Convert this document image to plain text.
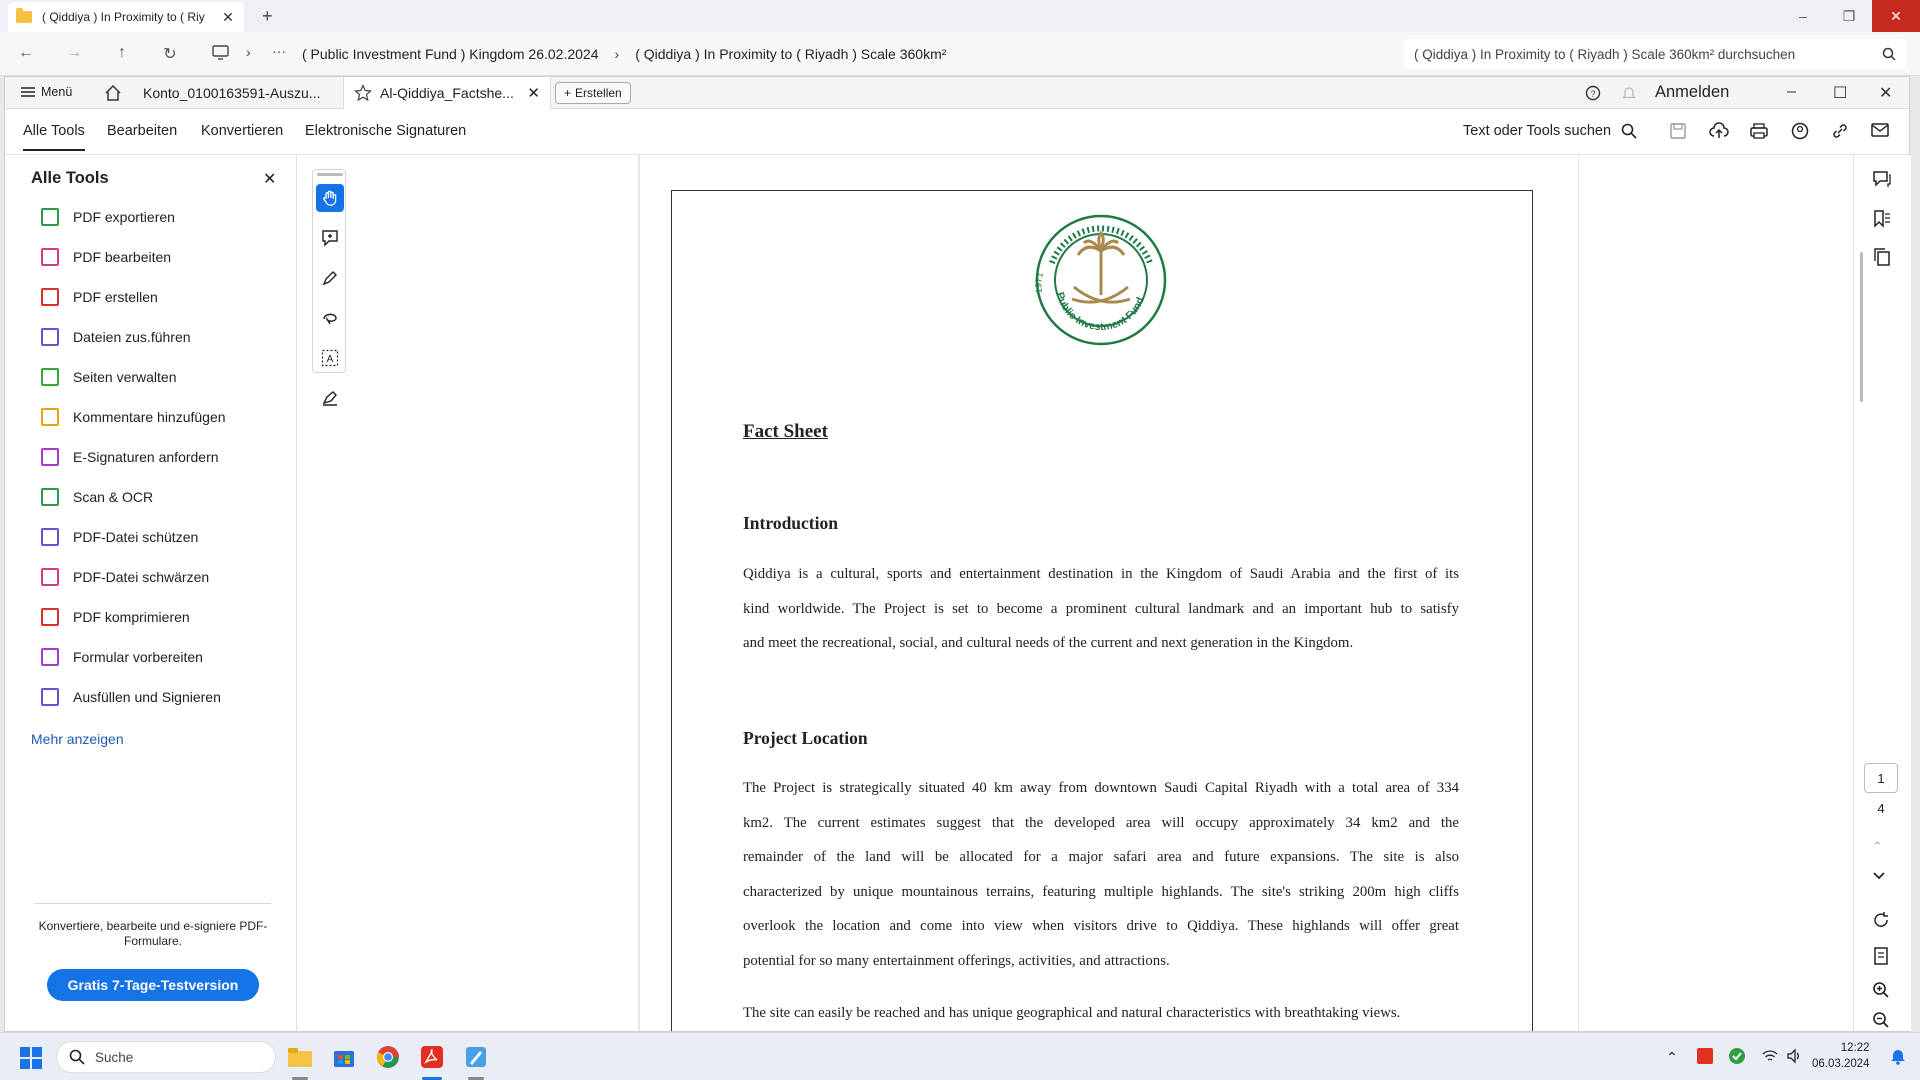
( Qiddiya ) In Proximity to ( Riy	✕ +	–	❐	✕
← →	↑	↻	› ··· ( Public Investment Fund ) Kingdom 26.02.2024 › ( Qiddiya ) In Proximity to ( Riyadh ) Scale 360km²	( Qiddiya ) In Proximity to ( Riyadh ) Scale 360km² durchsuchen
Menü	Konto_0100163591-Auszu...	Al-Qiddiya_Factshe... ✕ + Erstellen	?	Anmelden	– ☐ ✕
Alle Tools Bearbeiten Konvertieren Elektronische Signaturen	Text oder Tools suchen
Alle Tools	✕
PDF exportieren
PDF bearbeiten
PDF erstellen
Dateien zus.führen
Seiten verwalten
Kommentare hinzufügen
E-Signaturen anfordern
Scan & OCR
PDF-Datei schützen
PDF-Datei schwärzen
PDF komprimieren
Formular vorbereiten
Ausfüllen und Signieren
Mehr anzeigen
Konvertiere, bearbeite und e-signiere PDF-Formulare.
Gratis 7-Tage-Testversion
A
Public Investment Fund
1971
Fact Sheet
Introduction
Qiddiya is a cultural, sports and entertainment destination in the Kingdom of Saudi Arabia and the first of its
kind worldwide. The Project is set to become a prominent cultural landmark and an important hub to satisfy
and meet the recreational, social, and cultural needs of the current and next generation in the Kingdom.
Project Location
The Project is strategically situated 40 km away from downtown Saudi Capital Riyadh with a total area of 334
km2. The current estimates suggest that the developed area will occupy approximately 34 km2 and the
remainder of the land will be allocated for a major safari area and future expansions. The site is also
characterized by unique mountainous terrains, featuring multiple highlands. The site's striking 200m high cliffs
overlook the location and come into view when visitors drive to Qiddiya. These highlands will offer great
potential for so many entertainment offerings, activities, and attractions.
The site can easily be reached and has unique geographical and natural characteristics with breathtaking views.
1
4
⌃
Suche	⌃
12:22
06.03.2024
